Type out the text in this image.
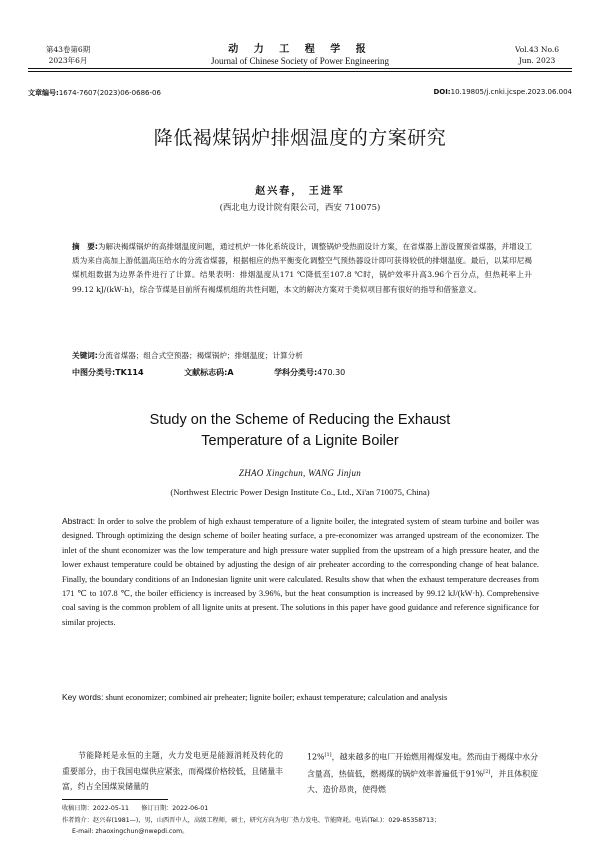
第43卷第6期
2023年6月
动 力 工 程 学 报
Journal of Chinese Society of Power Engineering
Vol.43 No.6
Jun. 2023
文章编号:1674-7607(2023)06-0686-06	DOI:10.19805/j.cnki.jcspe.2023.06.004
降低褐煤锅炉排烟温度的方案研究
赵兴春， 王进军
(西北电力设计院有限公司，西安 710075)
摘　要:为解决褐煤锅炉的高排烟温度问题，通过机炉一体化系统设计，调整锅炉受热面设计方案，在省煤器上游设置预省煤器，并增设工质为来自高加上游低温高压给水的分流省煤器，根据相应的热平衡变化调整空气预热器设计即可获得较低的排烟温度。最后，以某印尼褐煤机组数据为边界条件进行了计算。结果表明：排烟温度从171 ℃降低至107.8 ℃时，锅炉效率升高3.96个百分点，但热耗率上升99.12 kJ/(kW·h)，综合节煤是目前所有褐煤机组的共性问题，本文的解决方案对于类似项目都有很好的指导和借鉴意义。
关键词:分流省煤器；组合式空预器；褐煤锅炉；排烟温度；计算分析
中图分类号:TK114	文献标志码:A	学科分类号:470.30
Study on the Scheme of Reducing the Exhaust
Temperature of a Lignite Boiler
ZHAO Xingchun, WANG Jinjun
(Northwest Electric Power Design Institute Co., Ltd., Xi'an 710075, China)
Abstract: In order to solve the problem of high exhaust temperature of a lignite boiler, the integrated system of steam turbine and boiler was designed. Through optimizing the design scheme of boiler heating surface, a pre-economizer was arranged upstream of the economizer. The inlet of the shunt economizer was the low temperature and high pressure water supplied from the upstream of a high pressure heater, and the lower exhaust temperature could be obtained by adjusting the design of air preheater according to the corresponding change of heat balance. Finally, the boundary conditions of an Indonesian lignite unit were calculated. Results show that when the exhaust temperature decreases from 171 ℃ to 107.8 ℃, the boiler efficiency is increased by 3.96%, but the heat consumption is increased by 99.12 kJ/(kW·h). Comprehensive coal saving is the common problem of all lignite units at present. The solutions in this paper have good guidance and reference significance for similar projects.
Key words: shunt economizer; combined air preheater; lignite boiler; exhaust temperature; calculation and analysis
节能降耗是永恒的主题，火力发电更是能源消耗及转化的重要部分，由于我国电煤供应紧张，而褐煤价格较低，且储量丰富，约占全国煤炭储量的
12%[1]，越来越多的电厂开始燃用褐煤发电。然而由于褐煤中水分含量高，热值低，燃褐煤的锅炉效率普遍低于91%[2]，并且体积庞大、造价昂贵，使得燃
收稿日期：2022-05-11　　修订日期：2022-06-01
作者简介：赵兴春(1981—)，男，山西晋中人，高级工程师，硕士，研究方向为电厂热力发电、节能降耗。电话(Tel.)：029-85358713；
E-mail: zhaoxingchun@nwepdi.com。
